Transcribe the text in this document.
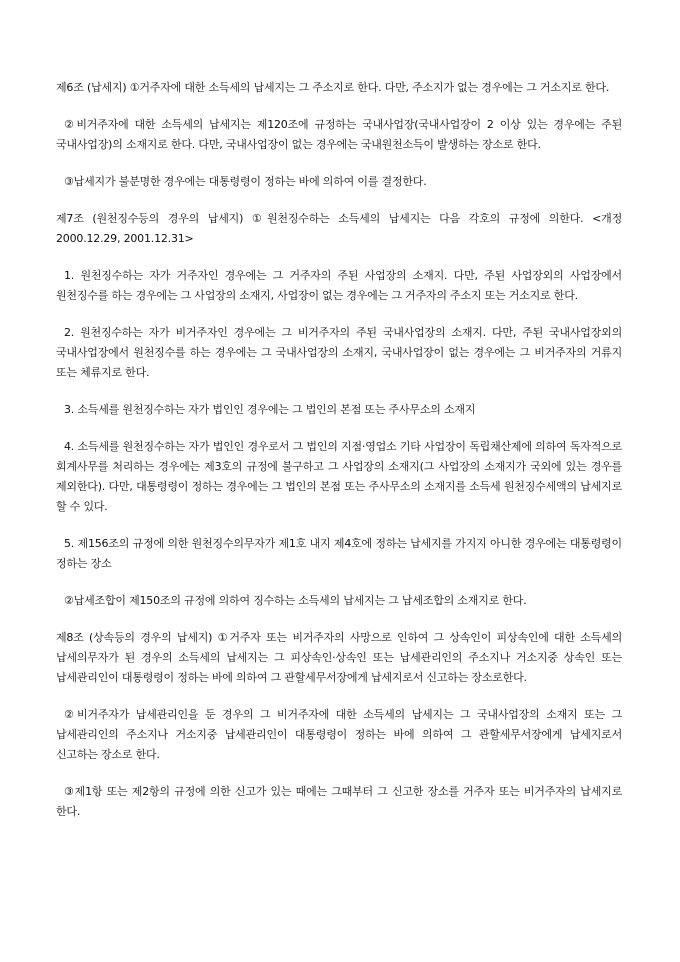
제6조 (납세지) ①거주자에 대한 소득세의 납세지는 그 주소지로 한다. 다만, 주소지가 없는 경우에는 그 거소지로 한다.

②비거주자에 대한 소득세의 납세지는 제120조에 규정하는 국내사업장(국내사업장이 2 이상 있는 경우에는 주된 국내사업장)의 소재지로 한다. 다만, 국내사업장이 없는 경우에는 국내원천소득이 발생하는 장소로 한다.

③납세지가 불분명한 경우에는 대통령령이 정하는 바에 의하여 이를 결정한다.

제7조 (원천징수등의 경우의 납세지) ①원천징수하는 소득세의 납세지는 다음 각호의 규정에 의한다. <개정 2000.12.29, 2001.12.31>

1. 원천징수하는 자가 거주자인 경우에는 그 거주자의 주된 사업장의 소재지. 다만, 주된 사업장외의 사업장에서 원천징수를 하는 경우에는 그 사업장의 소재지, 사업장이 없는 경우에는 그 거주자의 주소지 또는 거소지로 한다.

2. 원천징수하는 자가 비거주자인 경우에는 그 비거주자의 주된 국내사업장의 소재지. 다만, 주된 국내사업장외의 국내사업장에서 원천징수를 하는 경우에는 그 국내사업장의 소재지, 국내사업장이 없는 경우에는 그 비거주자의 거류지 또는 체류지로 한다.

3. 소득세를 원천징수하는 자가 법인인 경우에는 그 법인의 본점 또는 주사무소의 소재지

4. 소득세를 원천징수하는 자가 법인인 경우로서 그 법인의 지점·영업소 기타 사업장이 독립채산제에 의하여 독자적으로 회계사무를 처리하는 경우에는 제3호의 규정에 불구하고 그 사업장의 소재지(그 사업장의 소재지가 국외에 있는 경우를 제외한다). 다만, 대통령령이 정하는 경우에는 그 법인의 본점 또는 주사무소의 소재지를 소득세 원천징수세액의 납세지로 할 수 있다.

5. 제156조의 규정에 의한 원천징수의무자가 제1호 내지 제4호에 정하는 납세지를 가지지 아니한 경우에는 대통령령이 정하는 장소

②납세조합이 제150조의 규정에 의하여 징수하는 소득세의 납세지는 그 납세조합의 소재지로 한다.

제8조 (상속등의 경우의 납세지) ①거주자 또는 비거주자의 사망으로 인하여 그 상속인이 피상속인에 대한 소득세의 납세의무자가 된 경우의 소득세의 납세지는 그 피상속인·상속인 또는 납세관리인의 주소지나 거소지중 상속인 또는 납세관리인이 대통령령이 정하는 바에 의하여 그 관할세무서장에게 납세지로서 신고하는 장소로한다.

②비거주자가 납세관리인을 둔 경우의 그 비거주자에 대한 소득세의 납세지는 그 국내사업장의 소재지 또는 그 납세관리인의 주소지나 거소지중 납세관리인이 대통령령이 정하는 바에 의하여 그 관할세무서장에게 납세지로서 신고하는 장소로 한다.

③제1항 또는 제2항의 규정에 의한 신고가 있는 때에는 그때부터 그 신고한 장소를 거주자 또는 비거주자의 납세지로 한다.
